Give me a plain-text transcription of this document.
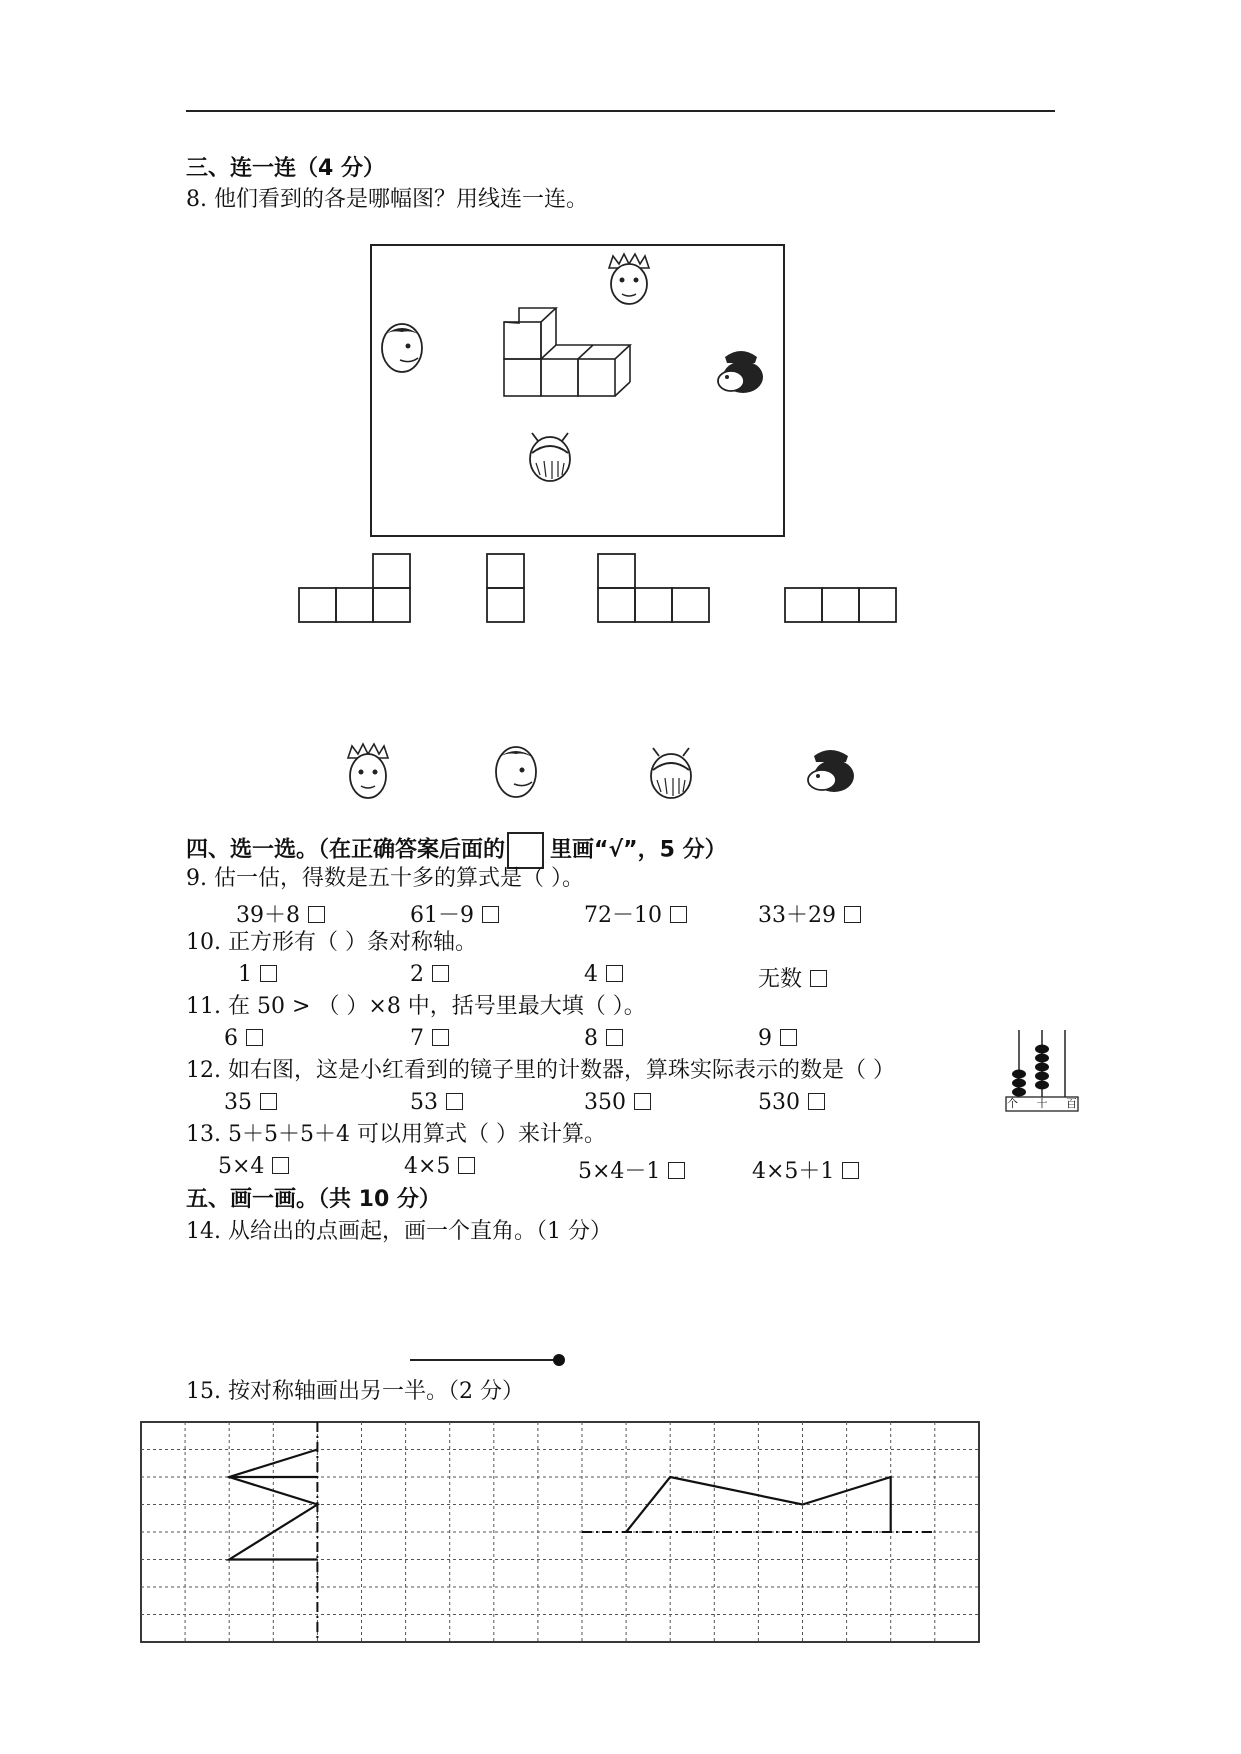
三、连一连（4 分）
8. 他们看到的各是哪幅图？用线连一连。
四、选一选。（在正确答案后面的 里画“√”，5 分）
9. 估一估，得数是五十多的算式是（ ）。
39＋8	61－9	72－10	33＋29
10. 正方形有（ ）条对称轴。
1	2	4	无数
11. 在 50 > （ ）×8 中，括号里最大填（ ）。
6	7	8	9
12. 如右图，这是小红看到的镜子里的计数器，算珠实际表示的数是（ ）
35	53	350	530	个 十 百
13. 5＋5＋5＋4 可以用算式（ ）来计算。
5×4	4×5	5×4－1	4×5＋1
五、画一画。（共 10 分）
14. 从给出的点画起，画一个直角。（1 分）
15. 按对称轴画出另一半。（2 分）
